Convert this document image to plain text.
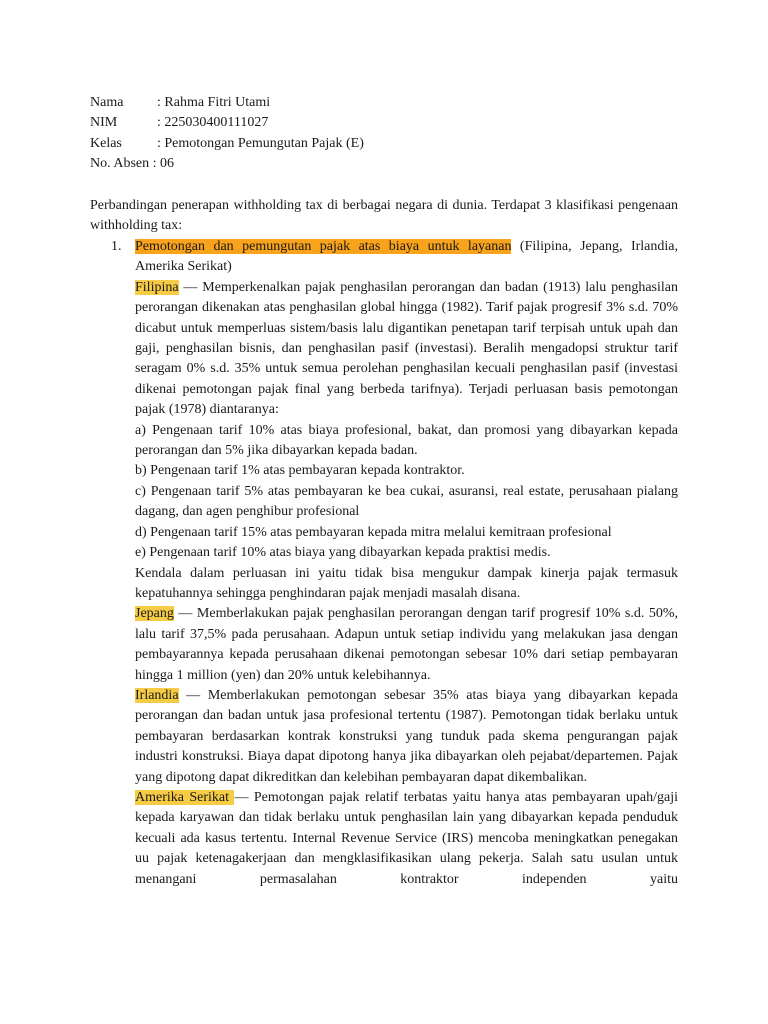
Nama	: Rahma Fitri Utami
NIM	: 225030400111027
Kelas	: Pemotongan Pemungutan Pajak (E)
No. Absen : 06

Perbandingan penerapan withholding tax di berbagai negara di dunia. Terdapat 3 klasifikasi pengenaan withholding tax:

1. Pemotongan dan pemungutan pajak atas biaya untuk layanan (Filipina, Jepang, Irlandia, Amerika Serikat)

Filipina — Memperkenalkan pajak penghasilan perorangan dan badan (1913) lalu penghasilan perorangan dikenakan atas penghasilan global hingga (1982). Tarif pajak progresif 3% s.d. 70% dicabut untuk memperluas sistem/basis lalu digantikan penetapan tarif terpisah untuk upah dan gaji, penghasilan bisnis, dan penghasilan pasif (investasi). Beralih mengadopsi struktur tarif seragam 0% s.d. 35% untuk semua perolehan penghasilan kecuali penghasilan pasif (investasi dikenai pemotongan pajak final yang berbeda tarifnya). Terjadi perluasan basis pemotongan pajak (1978) diantaranya:

a) Pengenaan tarif 10% atas biaya profesional, bakat, dan promosi yang dibayarkan kepada perorangan dan 5% jika dibayarkan kepada badan.

b) Pengenaan tarif 1% atas pembayaran kepada kontraktor.

c) Pengenaan tarif 5% atas pembayaran ke bea cukai, asuransi, real estate, perusahaan pialang dagang, dan agen penghibur profesional

d) Pengenaan tarif 15% atas pembayaran kepada mitra melalui kemitraan profesional

e) Pengenaan tarif 10% atas biaya yang dibayarkan kepada praktisi medis.

Kendala dalam perluasan ini yaitu tidak bisa mengukur dampak kinerja pajak termasuk kepatuhannya sehingga penghindaran pajak menjadi masalah disana.

Jepang — Memberlakukan pajak penghasilan perorangan dengan tarif progresif 10% s.d. 50%, lalu tarif 37,5% pada perusahaan. Adapun untuk setiap individu yang melakukan jasa dengan pembayarannya kepada perusahaan dikenai pemotongan sebesar 10% dari setiap pembayaran hingga 1 million (yen) dan 20% untuk kelebihannya.

Irlandia — Memberlakukan pemotongan sebesar 35% atas biaya yang dibayarkan kepada perorangan dan badan untuk jasa profesional tertentu (1987). Pemotongan tidak berlaku untuk pembayaran berdasarkan kontrak konstruksi yang tunduk pada skema pengurangan pajak industri konstruksi. Biaya dapat dipotong hanya jika dibayarkan oleh pejabat/departemen. Pajak yang dipotong dapat dikreditkan dan kelebihan pembayaran dapat dikembalikan.

Amerika Serikat — Pemotongan pajak relatif terbatas yaitu hanya atas pembayaran upah/gaji kepada karyawan dan tidak berlaku untuk penghasilan lain yang dibayarkan kepada penduduk kecuali ada kasus tertentu. Internal Revenue Service (IRS) mencoba meningkatkan penegakan uu pajak ketenagakerjaan dan mengklasifikasikan ulang pekerja. Salah satu usulan untuk menangani permasalahan kontraktor independen yaitu
